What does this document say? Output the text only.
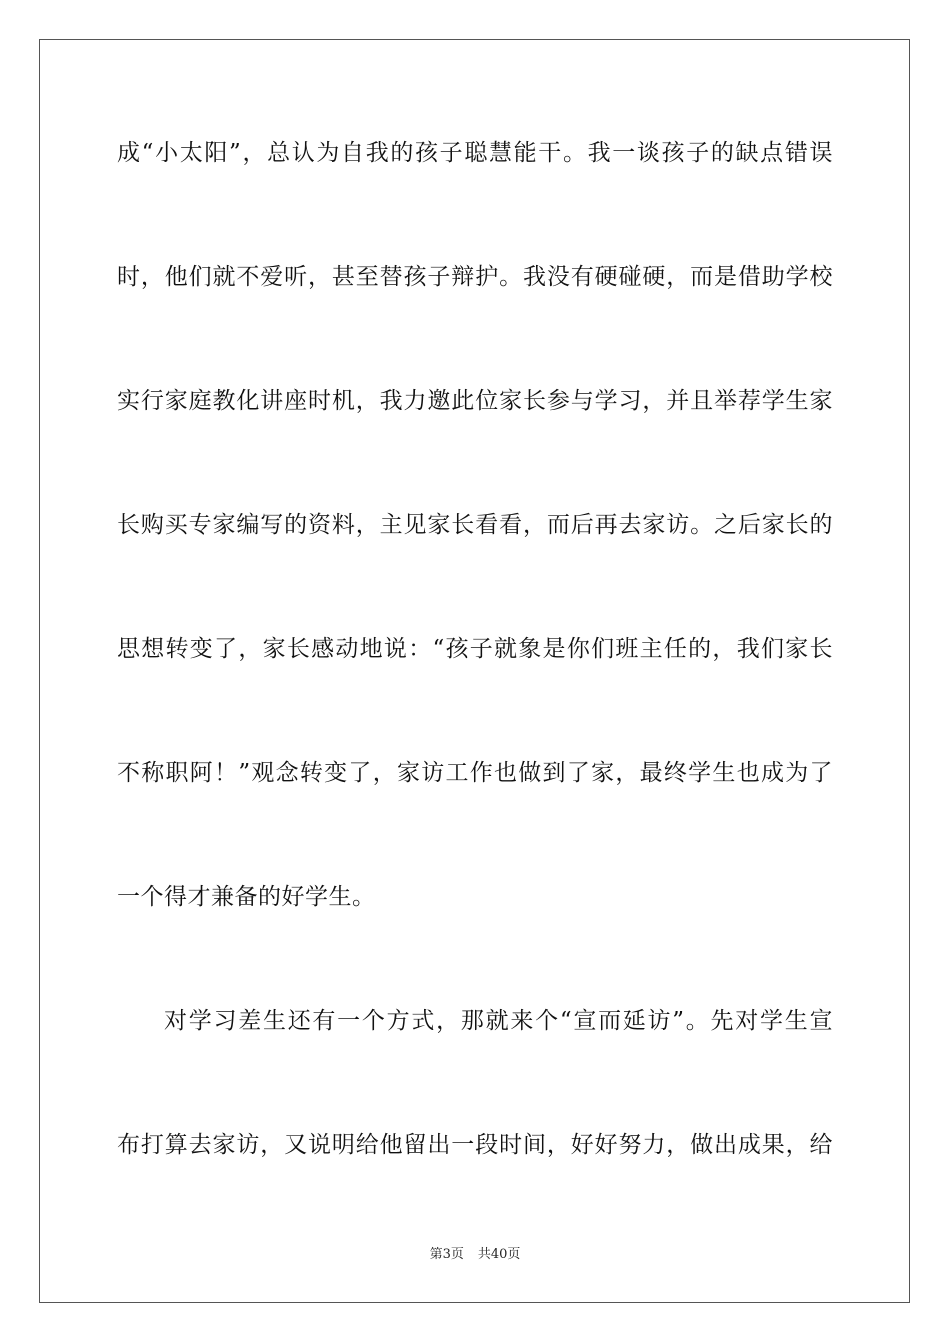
成“小太阳”，总认为自我的孩子聪慧能干。我一谈孩子的缺点错误
时，他们就不爱听，甚至替孩子辩护。我没有硬碰硬，而是借助学校
实行家庭教化讲座时机，我力邀此位家长参与学习，并且举荐学生家
长购买专家编写的资料，主见家长看看，而后再去家访。之后家长的
思想转变了，家长感动地说：“孩子就象是你们班主任的，我们家长
不称职阿！”观念转变了，家访工作也做到了家，最终学生也成为了
一个得才兼备的好学生。
对学习差生还有一个方式，那就来个“宣而延访”。先对学生宣
布打算去家访，又说明给他留出一段时间，好好努力，做出成果，给
第3页 共40页
